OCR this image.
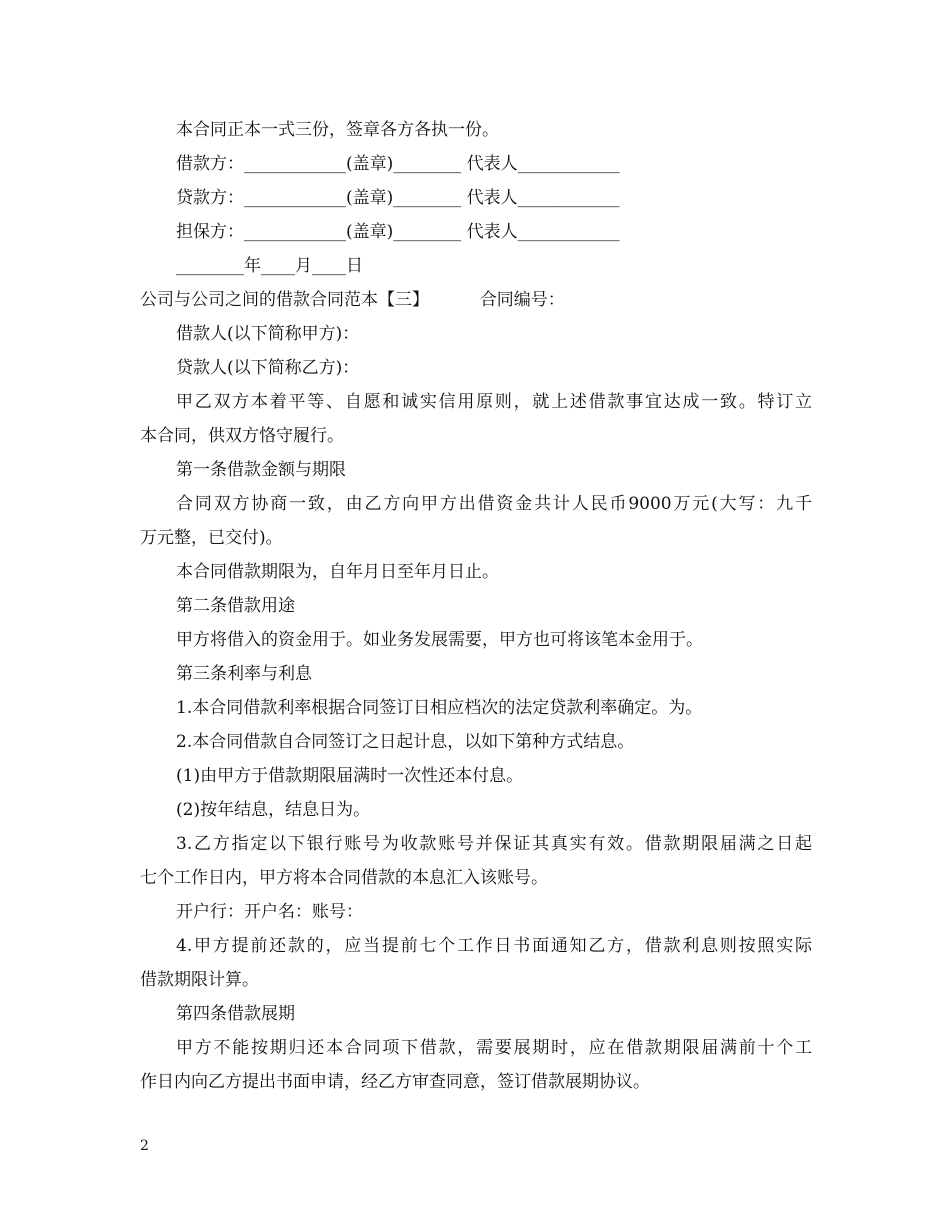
本合同正本一式三份，签章各方各执一份。
借款方：____________(盖章)________ 代表人____________
贷款方：____________(盖章)________ 代表人____________
担保方：____________(盖章)________ 代表人____________
________年____月____日
公司与公司之间的借款合同范本【三】	合同编号：
借款人(以下简称甲方)：
贷款人(以下简称乙方)：
甲乙双方本着平等、自愿和诚实信用原则，就上述借款事宜达成一致。特订立
本合同，供双方恪守履行。
第一条借款金额与期限
合同双方协商一致，由乙方向甲方出借资金共计人民币9000万元(大写：九千
万元整，已交付)。
本合同借款期限为，自年月日至年月日止。
第二条借款用途
甲方将借入的资金用于。如业务发展需要，甲方也可将该笔本金用于。
第三条利率与利息
1.本合同借款利率根据合同签订日相应档次的法定贷款利率确定。为。
2.本合同借款自合同签订之日起计息，以如下第种方式结息。
(1)由甲方于借款期限届满时一次性还本付息。
(2)按年结息，结息日为。
3.乙方指定以下银行账号为收款账号并保证其真实有效。借款期限届满之日起
七个工作日内，甲方将本合同借款的本息汇入该账号。
开户行：开户名：账号：
4.甲方提前还款的，应当提前七个工作日书面通知乙方，借款利息则按照实际
借款期限计算。
第四条借款展期
甲方不能按期归还本合同项下借款，需要展期时，应在借款期限届满前十个工
作日内向乙方提出书面申请，经乙方审查同意，签订借款展期协议。
2
